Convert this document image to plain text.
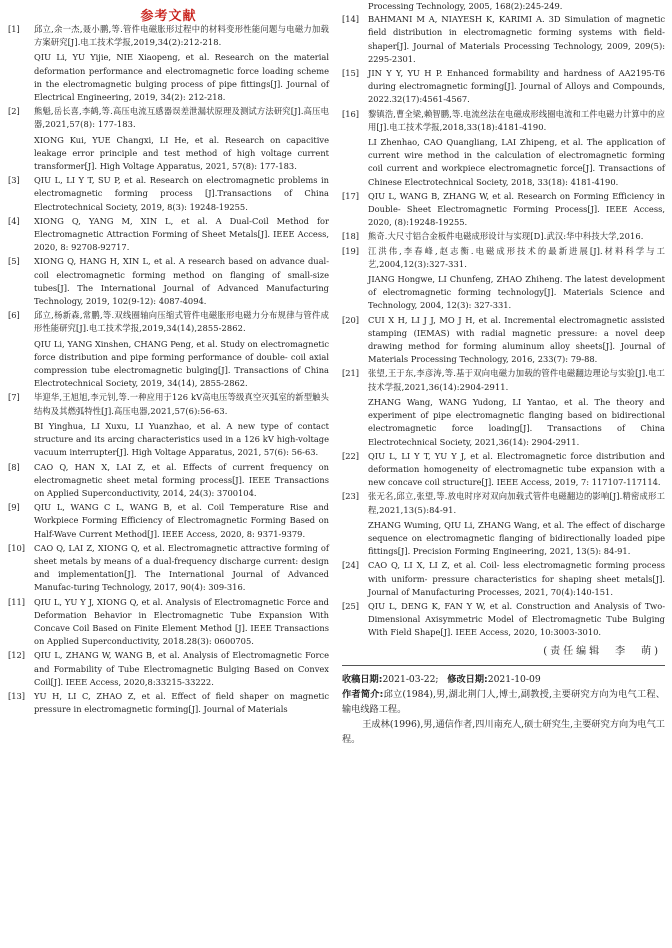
参考文献
[1]	邱立,余一杰,聂小鹏,等.管件电磁胀形过程中的材料变形性能问题与电磁力加载方案研究[J].电工技术学报,2019,34(2):212-218.

QIU Li, YU Yijie, NIE Xiaopeng, et al. Research on the material deformation performance and electromagnetic force loading scheme in the electromagnetic bulging process of pipe fittings[J]. Journal of Electrical Engineering, 2019, 34(2): 212-218.

[2]	熊魁,岳长喜,李鹤,等.高压电流互感器误差泄漏状原理及测试方法研究[J].高压电器,2021,57(8): 177-183.

XIONG Kui, YUE Changxi, LI He, et al. Research on capacitive leakage error principle and test method of high voltage current transformer[J]. High Voltage Apparatus, 2021, 57(8): 177-183.

[3]	QIU L, LI Y T, SU P, et al. Research on electromagnetic problems in electromagnetic forming process [J].Transactions of China Electrotechnical Society, 2019, 8(3): 19248-19255.

[4]	XIONG Q, YANG M, XIN L, et al. A Dual-Coil Method for Electromagnetic Attraction Forming of Sheet Metals[J]. IEEE Access, 2020, 8: 92708-92717.

[5]	XIONG Q, HANG H, XIN L, et al. A research based on advance dual-coil electromagnetic forming method on flanging of small-size tubes[J]. The International Journal of Advanced Manufacturing Technology, 2019, 102(9-12): 4087-4094.

[6]	邱立,杨新森,常鹏,等.双线圈轴向压缩式管件电磁胀形电磁力分布规律与管件成形性能研究[J].电工技术学报,2019,34(14),2855-2862.

QIU Li, YANG Xinshen, CHANG Peng, et al. Study on electromagnetic force distribution and pipe forming performance of double- coil axial compression tube electromagnetic bulging[J]. Transactions of China Electrotechnical Society, 2019, 34(14), 2855-2862.

[7]	毕迎华,王旭旭,李元钊,等.一种应用于126 kV高电压等级真空灭弧室的新型触头结构及其燃弧特性[J].高压电器,2021,57(6):56-63.

BI Yinghua, LI Xuxu, LI Yuanzhao, et al. A new type of contact structure and its arcing characteristics used in a 126 kV high-voltage vacuum interrupter[J]. High Voltage Apparatus, 2021, 57(6): 56-63.

[8]	CAO Q, HAN X, LAI Z, et al. Effects of current frequency on electromagnetic sheet metal forming process[J]. IEEE Transactions on Applied Superconductivity, 2014, 24(3): 3700104.

[9]	QIU L, WANG C L, WANG B, et al. Coil Temperature Rise and Workpiece Forming Efficiency of Electromagnetic Forming Based on Half-Wave Current Method[J]. IEEE Access, 2020, 8: 9371-9379.

[10]	CAO Q, LAI Z, XIONG Q, et al. Electromagnetic attractive forming of sheet metals by means of a dual-frequency discharge current: design and implementation[J]. The International Journal of Advanced Manufac-turing Technology, 2017, 90(4): 309-316.

[11]	QIU L, YU Y J, XIONG Q, et al. Analysis of Electromagnetic Force and Deformation Behavior in Electromagnetic Tube Expansion With Concave Coil Based on Finite Element Method [J]. IEEE Transactions on Applied Superconductivity, 2018.28(3): 0600705.

[12]	QIU L, ZHANG W, WANG B, et al. Analysis of Electromagnetic Force and Formability of Tube Electromagnetic Bulging Based on Convex Coil[J]. IEEE Access, 2020,8:33215-33222.

[13]	YU H, LI C, ZHAO Z, et al. Effect of field shaper on magnetic pressure in electromagnetic forming[J]. Journal of Materials

Processing Technology, 2005, 168(2):245-249.

[14]	BAHMANI M A, NIAYESH K, KARIMI A. 3D Simulation of magnetic field distribution in electromagnetic forming systems with field- shaper[J]. Journal of Materials Processing Technology, 2009, 209(5): 2295-2301.

[15]	JIN Y Y, YU H P. Enhanced formability and hardness of AA2195-T6 during electromagnetic forming[J]. Journal of Alloys and Compounds, 2022.32(17):4561-4567.

[16]	黎镇浩,曹全梁,赖智鹏,等.电流丝法在电磁成形线圈电流和工件电磁力计算中的应用[J].电工技术学报,2018,33(18):4181-4190.

LI Zhenhao, CAO Quangliang, LAI Zhipeng, et al. The application of current wire method in the calculation of electromagnetic forming coil current and workpiece electromagnetic force[J]. Transactions of Chinese Electrotechnical Society, 2018, 33(18): 4181-4190.

[17]	QIU L, WANG B, ZHANG W, et al. Research on Forming Efficiency in Double- Sheet Electromagnetic Forming Process[J]. IEEE Access, 2020, (8):19248-19255.

[18]	熊奇.大尺寸铝合金板件电磁成形设计与实现[D].武汉:华中科技大学,2016.

[19]	江洪伟,李春峰,赵志衡.电磁成形技术的最新进展[J].材料科学与工艺,2004,12(3):327-331.

JIANG Hongwe, LI Chunfeng, ZHAO Zhiheng. The latest development of electromagnetic forming technology[J]. Materials Science and Technology, 2004, 12(3): 327-331.

[20]	CUI X H, LI J J, MO J H, et al. Incremental electromagnetic assisted stamping (IEMAS) with radial magnetic pressure: a novel deep drawing method for forming aluminum alloy sheets[J]. Journal of Materials Processing Technology, 2016, 233(7): 79-88.

[21]	张望,王于东,李彦涛,等.基于双向电磁力加载的管件电磁翻边理论与实验[J].电工技术学报,2021,36(14):2904-2911.

ZHANG Wang, WANG Yudong, LI Yantao, et al. The theory and experiment of pipe electromagnetic flanging based on bidirectional electromagnetic force loading[J]. Transactions of China Electrotechnical Society, 2021,36(14): 2904-2911.

[22]	QIU L, LI Y T, YU Y J, et al. Electromagnetic force distribution and deformation homogeneity of electromagnetic tube expansion with a new concave coil structure[J]. IEEE Access, 2019, 7: 117107-117114.

[23]	张无名,邱立,张望,等.放电时序对双向加载式管件电磁翻边的影响[J].精密成形工程,2021,13(5):84-91.

ZHANG Wuming, QIU Li, ZHANG Wang, et al. The effect of discharge sequence on electromagnetic flanging of bidirectionally loaded pipe fittings[J]. Precision Forming Engineering, 2021, 13(5): 84-91.

[24]	CAO Q, LI X, LI Z, et al. Coil- less electromagnetic forming process with uniform- pressure characteristics for shaping sheet metals[J]. Journal of Manufacturing Processes, 2021, 70(4):140-151.

[25]	QIU L, DENG K, FAN Y W, et al. Construction and Analysis of Two- Dimensional Axisymmetric Model of Electromagnetic Tube Bulging With Field Shape[J]. IEEE Access, 2020, 10:3003-3010.

(责任编辑　李　萌)

收稿日期:2021-03-22; 修改日期:2021-10-09

作者简介:邱立(1984),男,湖北荆门人,博士,副教授,主要研究方向为电气工程、输电线路工程。

王成林(1996),男,通信作者,四川南充人,硕士研究生,主要研究方向为电气工程。
